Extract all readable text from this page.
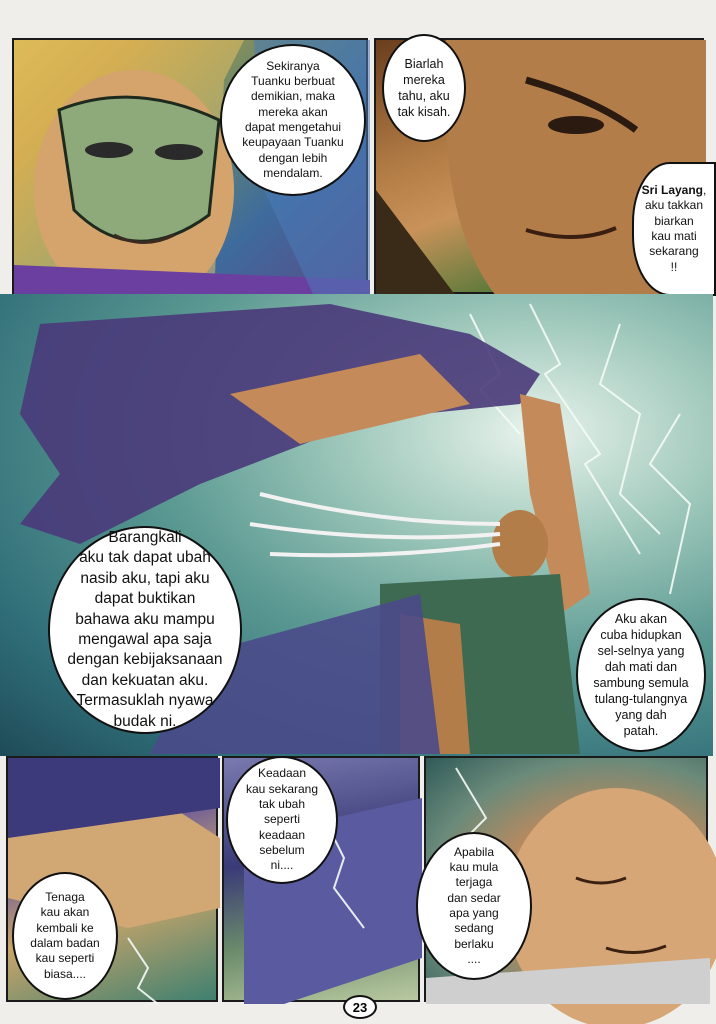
Sekiranya
Tuanku berbuat
demikian, maka
mereka akan
dapat mengetahui
keupayaan Tuanku
dengan lebih
mendalam.
Biarlah
mereka
tahu, aku
tak kisah.
Sri Layang,
aku takkan
biarkan
kau mati
sekarang
!!
Barangkali
aku tak dapat ubah
nasib aku, tapi aku
dapat buktikan
bahawa aku mampu
mengawal apa saja
dengan kebijaksanaan
dan kekuatan aku.
Termasuklah nyawa
budak ni.
Aku akan
cuba hidupkan
sel-selnya yang
dah mati dan
sambung semula
tulang-tulangnya
yang dah
patah.
Tenaga
kau akan
kembali ke
dalam badan
kau seperti
biasa....
Keadaan
kau sekarang
tak ubah
seperti
keadaan
sebelum
ni....
Apabila
kau mula
terjaga
dan sedar
apa yang
sedang
berlaku
....
23
